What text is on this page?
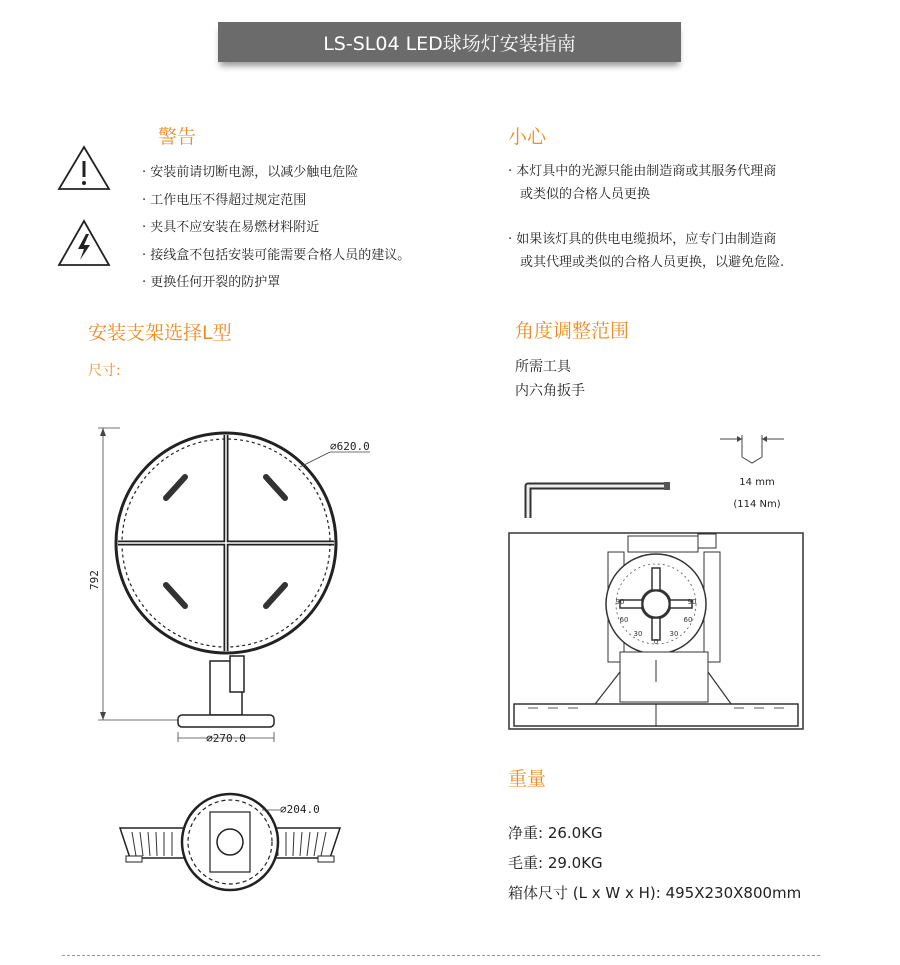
LS-SL04 LED球场灯安装指南
警告
· 安装前请切断电源，以减少触电危险
· 工作电压不得超过规定范围
· 夹具不应安装在易燃材料附近
· 接线盒不包括安装可能需要合格人员的建议。
· 更换任何开裂的防护罩
小心
· 本灯具中的光源只能由制造商或其服务代理商
或类似的合格人员更换
· 如果该灯具的供电电缆损坏，应专门由制造商
或其代理或类似的合格人员更换，以避免危险.
安装支架选择L型
尺寸:
792
⌀620.0
⌀270.0
⌀204.0
角度调整范围
所需工具
内六角扳手
14 mm
(114 Nm)
90
60
30
0
30
60
90
重量
净重: 26.0KG
毛重: 29.0KG
箱体尺寸 (L x W x H): 495X230X800mm
